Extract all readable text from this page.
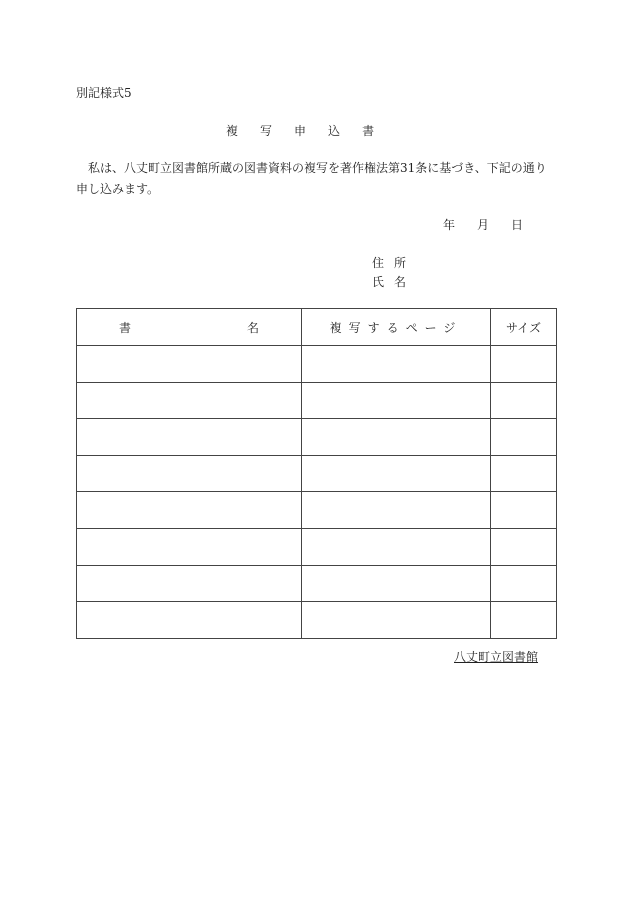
別記様式5
複 写 申 込 書
私は、八丈町立図書館所蔵の図書資料の複写を著作権法第31条に基づき、下記の通り申し込みます。
年 月 日
住 所
氏 名
書 名	複写するページ	サイズ

八丈町立図書館
